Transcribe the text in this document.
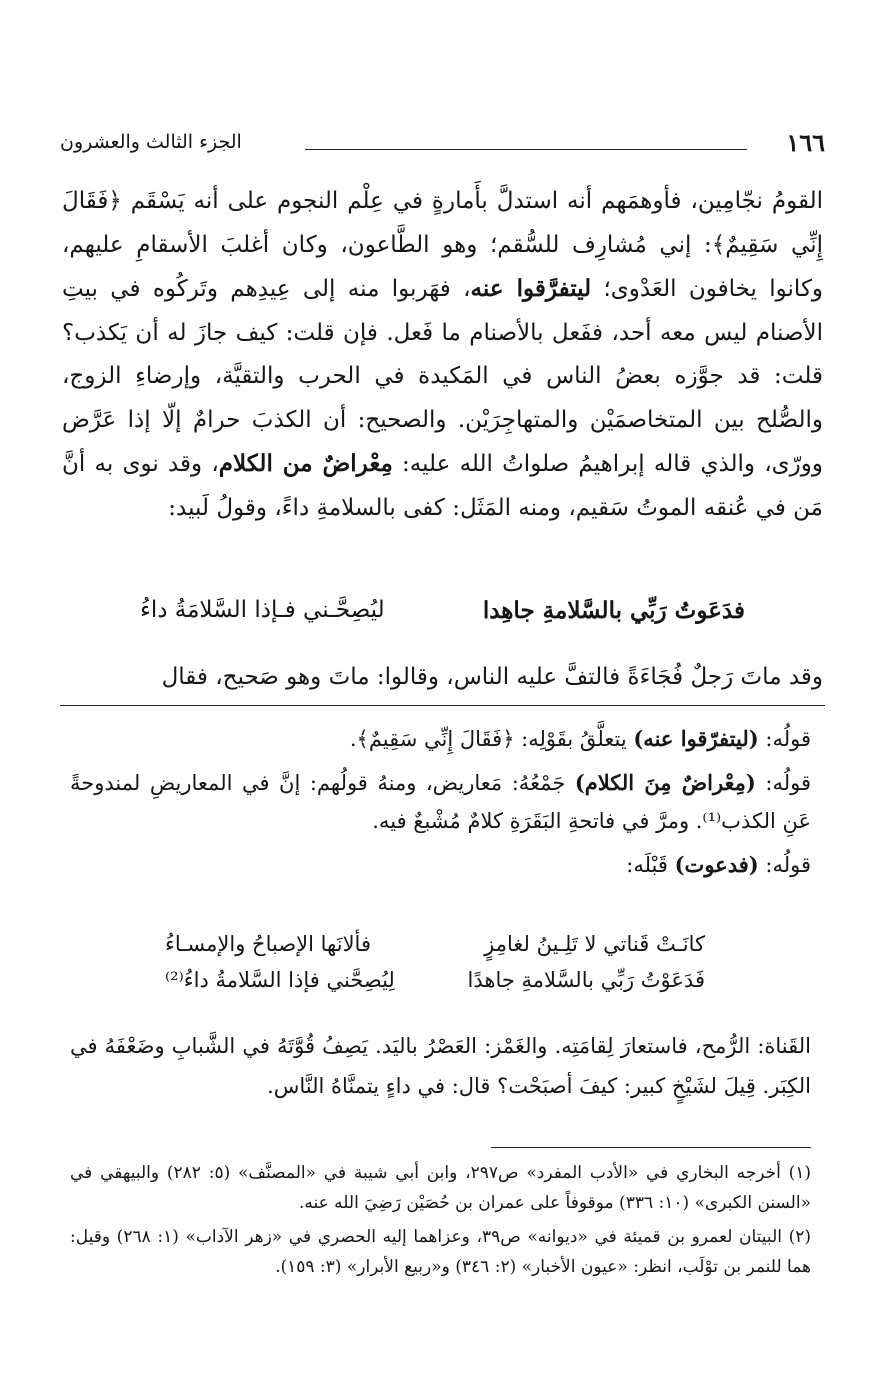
١٦٦
الجزء الثالث والعشرون

القومُ نجّامِين، فأوهمَهم أنه استدلَّ بأَمارةٍ في عِلْم النجوم على أنه يَسْقَم ﴿فَقَالَ إِنِّي سَقِيمٌ﴾: إني مُشارِف للسُّقم؛ وهو الطَّاعون، وكان أغلبَ الأسقامِ عليهم، وكانوا يخافون العَدْوى؛ ليتفرَّقوا عنه، فهَربوا منه إلى عِيدِهم وتَركُوه في بيتِ الأصنام ليس معه أحد، ففَعل بالأصنام ما فَعل. فإن قلت: كيف جازَ له أن يَكذب؟ قلت: قد جوَّزه بعضُ الناس في المَكيدة في الحرب والتقيَّة، وإرضاءِ الزوج، والصُّلح بين المتخاصمَيْن والمتهاجِرَيْن. والصحيح: أن الكذبَ حرامٌ إلّا إذا عَرَّض وورّى، والذي قاله إبراهيمُ صلواتُ الله عليه: مِعْراضٌ من الكلام، وقد نوى به أنَّ مَن في عُنقه الموتُ سَقيم، ومنه المَثَل: كفى بالسلامةِ داءً، وقولُ لَبيد:

فدَعَوتُ رَبِّي بالسَّلامةِ جاهِدا
ليُصِحَّـني فـإذا السَّلامَةُ داءُ
وقد ماتَ رَجلٌ فُجَاءَةً فالتفَّ عليه الناس، وقالوا: ماتَ وهو صَحيح، فقال

قولُه: (ليتفرّقوا عنه) يتعلَّقُ بقَوْلِه: ﴿فَقَالَ إِنِّي سَقِيمٌ﴾.

قولُه: (مِعْراضٌ مِنَ الكلام) جَمْعُهُ: مَعاريض، ومنهُ قولُهم: إنَّ في المعاريضِ لمندوحةً عَنِ الكذب⁽¹⁾. ومرَّ في فاتحةِ البَقَرَةِ كلامٌ مُشْبعٌ فيه.

قولُه: (فدعوت) قَبْلَه:

كانَـتْ قَناتي لا تَلِـينُ لغامِزٍ
فألانَها الإصباحُ والإمسـاءُ
فَدَعَوْتُ رَبِّي بالسَّلامةِ جاهدًا
لِيُصِحَّني فإذا السَّلامةُ داءُ⁽²⁾

القَناة: الرُّمح، فاستعارَ لِقامَتِه. والغَمْز: العَصْرُ باليَد. يَصِفُ قُوَّتَهُ في الشَّبابِ وضَعْفَهُ في الكِبَر. قِيلَ لشَيْخٍ كبير: كيفَ أصبَحْت؟ قال: في داءٍ يتمنَّاهُ النَّاس.

(١) أخرجه البخاري في «الأدب المفرد» ص٢٩٧، وابن أبي شيبة في «المصنَّف» (٥: ٢٨٢) والبيهقي في «السنن الكبرى» (١٠: ٣٣٦) موقوفاً على عمران بن حُصَيْن رَضِيَ الله عنه.

(٢) البيتان لعمرو بن قميئة في «ديوانه» ص٣٩، وعزاهما إليه الحصري في «زهر الآداب» (١: ٢٦٨) وقيل: هما للنمر بن توْلَب، انظر: «عيون الأخبار» (٢: ٣٤٦) و«ربيع الأبرار» (٣: ١٥٩).
